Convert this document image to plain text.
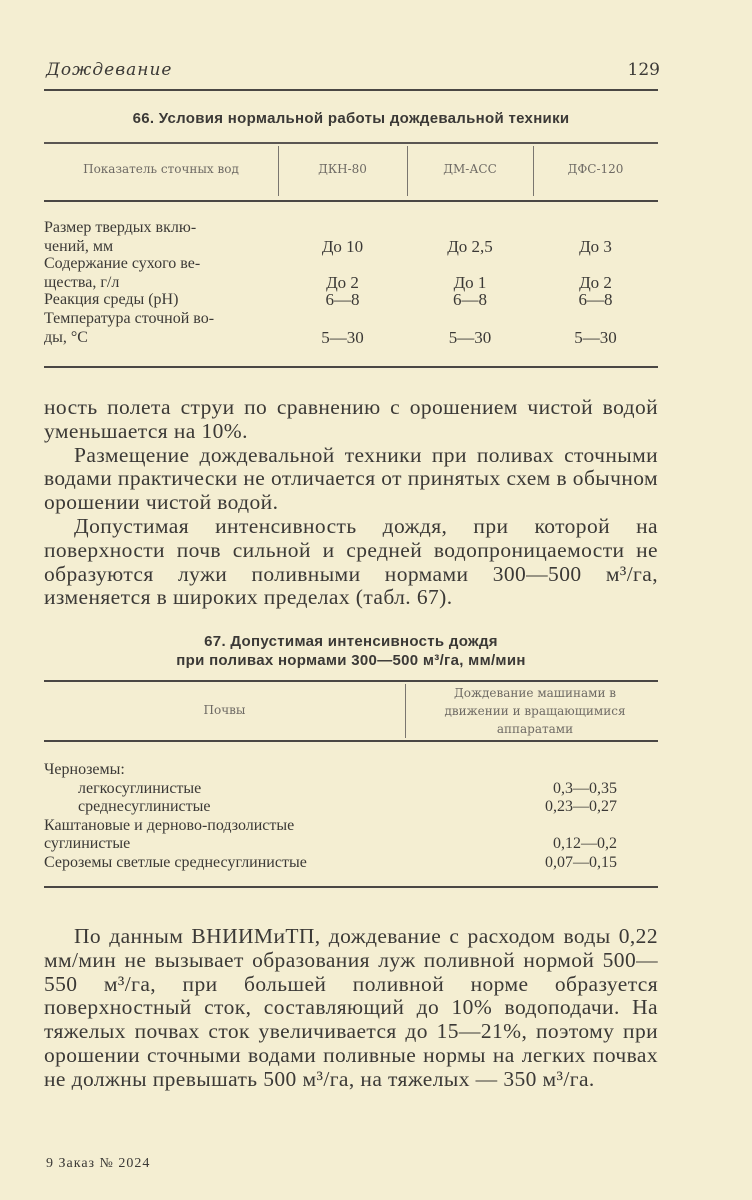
Дождевание	129
66. Условия нормальной работы дождевальной техники
Показатель сточных вод	ДКН-80	ДМ-АСС	ДФС-120
Размер твердых вклю-
чений, мм	До 10	До 2,5	До 3
Содержание сухого ве-
щества, г/л	До 2	До 1	До 2
Реакция среды (рН)	6—8	6—8	6—8
Температура сточной во-
ды, °С	5—30	5—30	5—30

ность полета струи по сравнению с орошением чистой водой уменьшается на 10%.

Размещение дождевальной техники при поливах сточными водами практически не отличается от принятых схем в обычном орошении чистой водой.

Допустимая интенсивность дождя, при которой на поверхности почв сильной и средней водопроницаемости не образуются лужи поливными нормами 300—500 м³/га, изменяется в широких пределах (табл. 67).

67. Допустимая интенсивность дождя
при поливах нормами 300—500 м³/га, мм/мин
Почвы
Дождевание машинами в движении и вращающимися аппаратами
Черноземы:
легкосуглинистые	0,3—0,35
среднесуглинистые	0,23—0,27
Каштановые и дерново-подзолистые
суглинистые	0,12—0,2
Сероземы светлые среднесуглинистые	0,07—0,15

По данным ВНИИМиТП, дождевание с расходом воды 0,22 мм/мин не вызывает образования луж поливной нормой 500—550 м³/га, при большей поливной норме образуется поверхностный сток, составляющий до 10% водоподачи. На тяжелых почвах сток увеличивается до 15—21%, поэтому при орошении сточными водами поливные нормы на легких почвах не должны превышать 500 м³/га, на тяжелых — 350 м³/га.

9 Заказ № 2024
